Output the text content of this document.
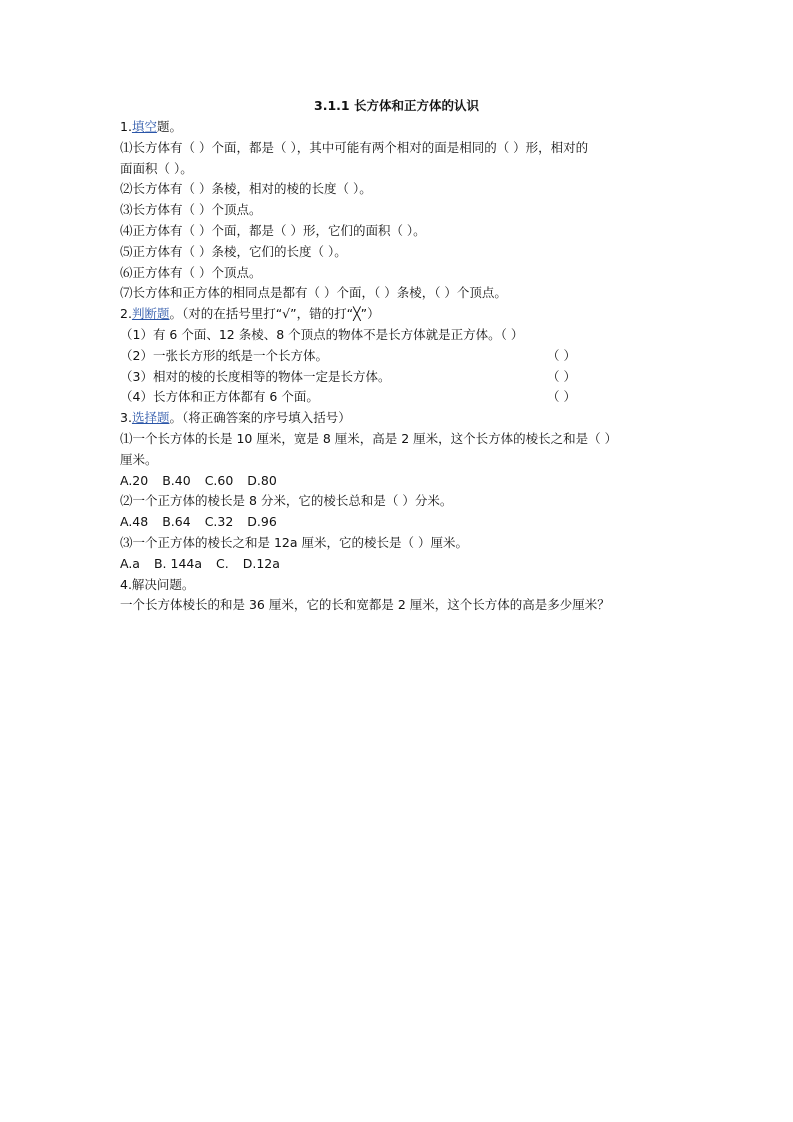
3.1.1 长方体和正方体的认识
1.填空题。
⑴长方体有（ ）个面，都是（ ），其中可能有两个相对的面是相同的（ ）形，相对的
面面积（ ）。
⑵长方体有（ ）条棱，相对的棱的长度（ ）。
⑶长方体有（ ）个顶点。
⑷正方体有（ ）个面，都是（ ）形，它们的面积（ ）。
⑸正方体有（ ）条棱，它们的长度（ ）。
⑹正方体有（ ）个顶点。
⑺长方体和正方体的相同点是都有（ ）个面，（ ）条棱，（ ）个顶点。
2.判断题。（对的在括号里打“√”，错的打“╳”）
（1）有 6 个面、12 条棱、8 个顶点的物体不是长方体就是正方体。（ ）
（2）一张长方形的纸是一个长方体。	（ ）
（3）相对的棱的长度相等的物体一定是长方体。	（ ）
（4）长方体和正方体都有 6 个面。	（ ）
3.选择题。（将正确答案的序号填入括号）
⑴一个长方体的长是 10 厘米，宽是 8 厘米，高是 2 厘米，这个长方体的棱长之和是（ ）
厘米。
A.20 B.40 C.60 D.80
⑵一个正方体的棱长是 8 分米，它的棱长总和是（ ）分米。
A.48 B.64 C.32 D.96
⑶一个正方体的棱长之和是 12a 厘米，它的棱长是（ ）厘米。
A.a B. 144a C. D.12a
4.解决问题。
一个长方体棱长的和是 36 厘米，它的长和宽都是 2 厘米，这个长方体的高是多少厘米？
